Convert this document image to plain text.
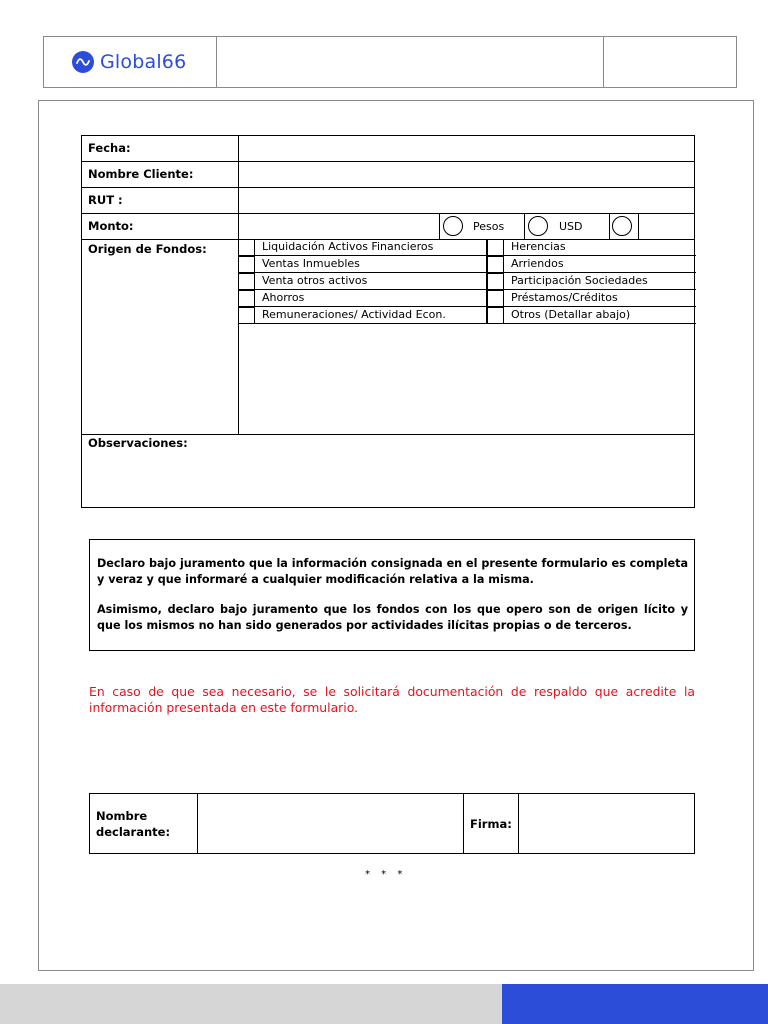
Global66
Fecha:
Nombre Cliente:
RUT :
Monto:	Pesos	USD
Origen de Fondos:	Liquidación Activos Financieros	Herencias
Ventas Inmuebles	Arriendos
Venta otros activos	Participación Sociedades
Ahorros	Préstamos/Créditos
Remuneraciones/ Actividad Econ.	Otros (Detallar abajo)
Observaciones:

Declaro bajo juramento que la información consignada en el presente formulario es completa y veraz y que informaré a cualquier modificación relativa a la misma.

Asimismo, declaro bajo juramento que los fondos con los que opero son de origen lícito y que los mismos no han sido generados por actividades ilícitas propias o de terceros.

En caso de que sea necesario, se le solicitará documentación de respaldo que acredite la información presentada en este formulario.
Nombre declarante:
Firma:
* * *
